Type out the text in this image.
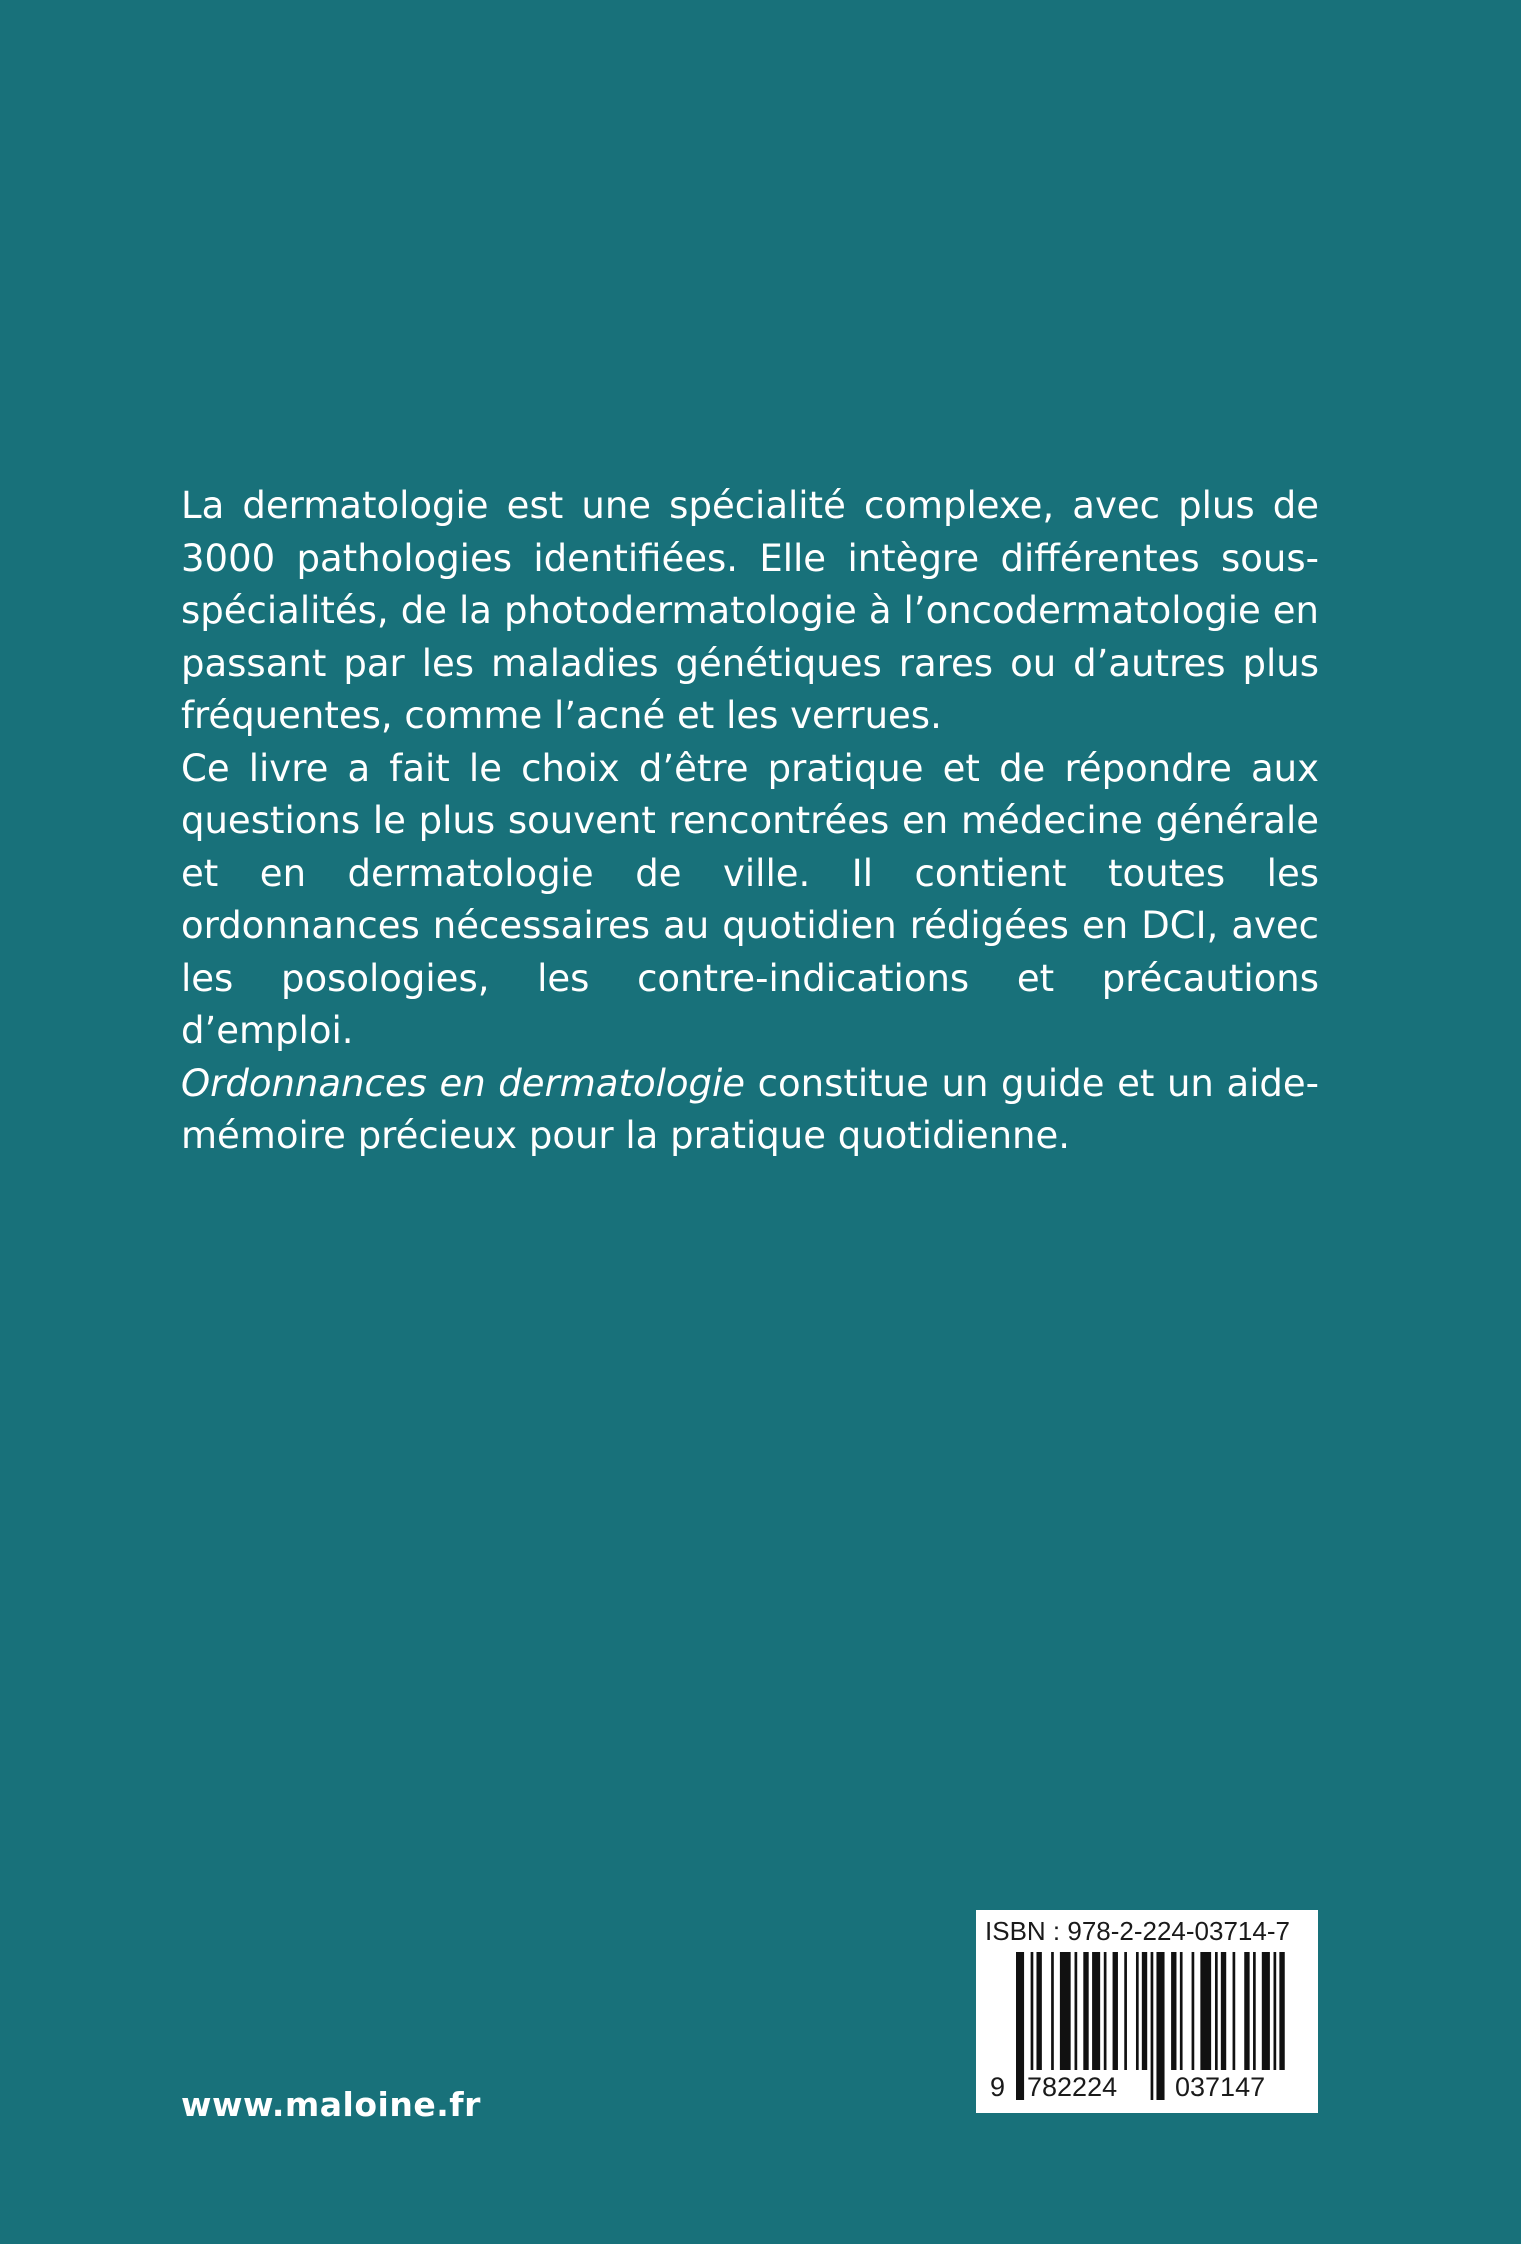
La dermatologie est une spécialité complexe, avec plus de 3000 pathologies identifiées. Elle intègre différentes sous-spécialités, de la photodermatologie à l’oncodermatologie en passant par les maladies génétiques rares ou d’autres plus fréquentes, comme l’acné et les verrues.

Ce livre a fait le choix d’être pratique et de répondre aux questions le plus souvent rencontrées en médecine générale et en dermatologie de ville. Il contient toutes les ordonnances nécessaires au quotidien rédigées en DCI, avec les posologies, les contre-indications et précautions d’emploi.

Ordonnances en dermatologie constitue un guide et un aide-mémoire précieux pour la pratique quotidienne.

www.maloine.fr
ISBN : 978-2-224-03714-7
9 782224 037147
